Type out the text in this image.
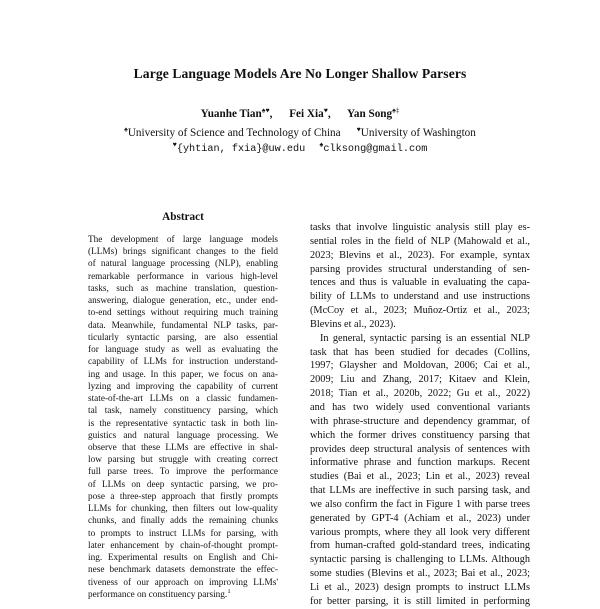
Large Language Models Are No Longer Shallow Parsers
Yuanhe Tian♠♥, Fei Xia♥, Yan Song♠‡
♠University of Science and Technology of China ♥University of Washington
♥{yhtian, fxia}@uw.edu ♠clksong@gmail.com
Abstract
The development of large language models
(LLMs) brings significant changes to the field
of natural language processing (NLP), enabling
remarkable performance in various high-level
tasks, such as machine translation, question-
answering, dialogue generation, etc., under end-
to-end settings without requiring much training
data. Meanwhile, fundamental NLP tasks, par-
ticularly syntactic parsing, are also essential
for language study as well as evaluating the
capability of LLMs for instruction understand-
ing and usage. In this paper, we focus on ana-
lyzing and improving the capability of current
state-of-the-art LLMs on a classic fundamen-
tal task, namely constituency parsing, which
is the representative syntactic task in both lin-
guistics and natural language processing. We
observe that these LLMs are effective in shal-
low parsing but struggle with creating correct
full parse trees. To improve the performance
of LLMs on deep syntactic parsing, we pro-
pose a three-step approach that firstly prompts
LLMs for chunking, then filters out low-quality
chunks, and finally adds the remaining chunks
to prompts to instruct LLMs for parsing, with
later enhancement by chain-of-thought prompt-
ing. Experimental results on English and Chi-
nese benchmark datasets demonstrate the effec-
tiveness of our approach on improving LLMs'
performance on constituency parsing.$^1$
tasks that involve linguistic analysis still play es-
sential roles in the field of NLP (Mahowald et al.,
2023; Blevins et al., 2023). For example, syntax
parsing provides structural understanding of sen-
tences and thus is valuable in evaluating the capa-
bility of LLMs to understand and use instructions
(McCoy et al., 2023; Muñoz-Ortiz et al., 2023;
Blevins et al., 2023).
In general, syntactic parsing is an essential NLP
task that has been studied for decades (Collins,
1997; Glaysher and Moldovan, 2006; Cai et al.,
2009; Liu and Zhang, 2017; Kitaev and Klein,
2018; Tian et al., 2020b, 2022; Gu et al., 2022)
and has two widely used conventional variants
with phrase-structure and dependency grammar, of
which the former drives constituency parsing that
provides deep structural analysis of sentences with
informative phrase and function markups. Recent
studies (Bai et al., 2023; Lin et al., 2023) reveal
that LLMs are ineffective in such parsing task, and
we also confirm the fact in Figure 1 with parse trees
generated by GPT-4 (Achiam et al., 2023) under
various prompts, where they all look very different
from human-crafted gold-standard trees, indicating
syntactic parsing is challenging to LLMs. Although
some studies (Blevins et al., 2023; Bai et al., 2023;
Li et al., 2023) design prompts to instruct LLMs
for better parsing, it is still limited in performing
